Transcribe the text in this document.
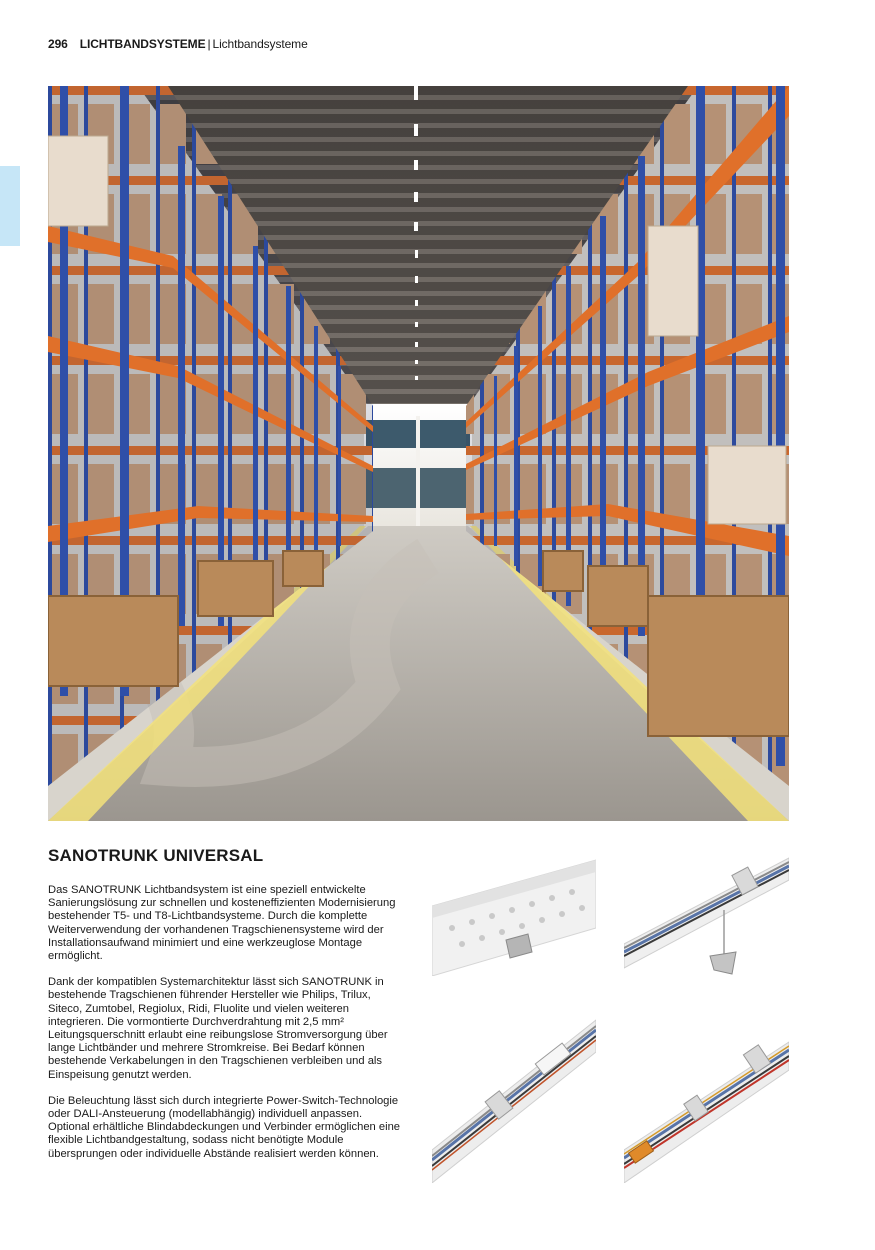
296 LICHTBANDSYSTEME | Lichtbandsysteme
SANOTRUNK UNIVERSAL

Das SANOTRUNK Lichtbandsystem ist eine speziell entwickelte Sanierungslösung zur schnellen und kosteneffizienten Modernisierung bestehender T5- und T8-Lichtbandsysteme. Durch die komplette Weiterverwendung der vorhandenen Tragschienensysteme wird der Installationsaufwand minimiert und eine werkzeuglose Montage ermöglicht.

Dank der kompatiblen Systemarchitektur lässt sich SANOTRUNK in bestehende Tragschienen führender Hersteller wie Philips, Trilux, Siteco, Zumtobel, Regiolux, Ridi, Fluolite und vielen weiteren integrieren. Die vormontierte Durchverdrahtung mit 2,5 mm² Leitungsquerschnitt erlaubt eine reibungslose Stromversorgung über lange Lichtbänder und mehrere Stromkreise. Bei Bedarf können bestehende Verkabelungen in den Tragschienen verbleiben und als Einspeisung genutzt werden.

Die Beleuchtung lässt sich durch integrierte Power-Switch-Technologie oder DALI-Ansteuerung (modellabhängig) individuell anpassen. Optional erhältliche Blindabdeckungen und Verbinder ermöglichen eine flexible Lichtbandgestaltung, sodass nicht benötigte Module übersprungen oder individuelle Abstände realisiert werden können.
